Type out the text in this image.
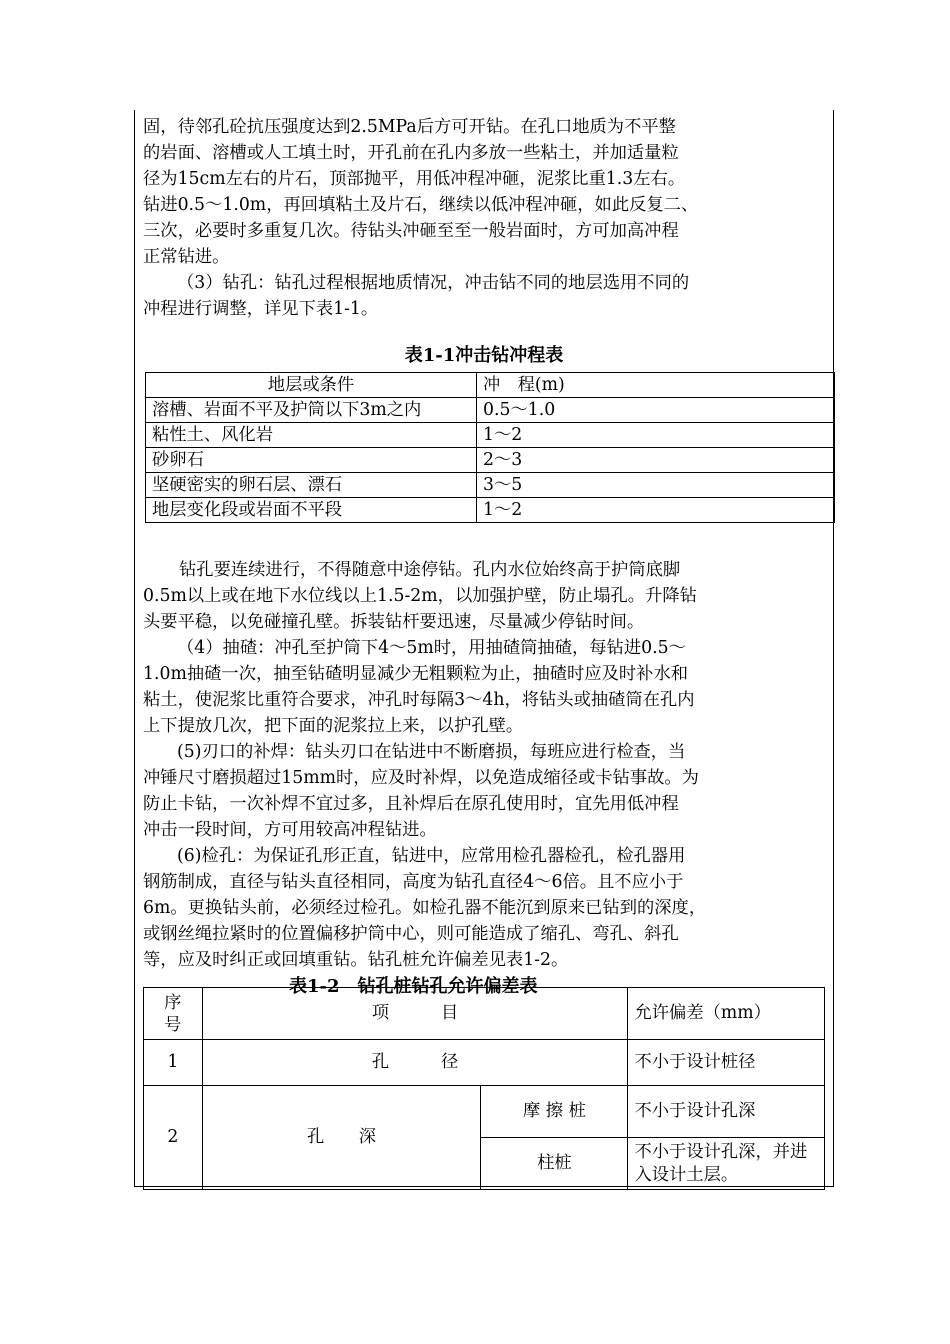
固，待邻孔砼抗压强度达到2.5MPa后方可开钻。在孔口地质为不平整
的岩面、溶槽或人工填土时，开孔前在孔内多放一些粘土，并加适量粒
径为15cm左右的片石，顶部抛平，用低冲程冲砸，泥浆比重1.3左右。
钻进0.5～1.0m，再回填粘土及片石，继续以低冲程冲砸，如此反复二、
三次，必要时多重复几次。待钻头冲砸至至一般岩面时，方可加高冲程
正常钻进。
（3）钻孔：钻孔过程根据地质情况，冲击钻不同的地层选用不同的
冲程进行调整，详见下表1-1。

表1-1冲击钻冲程表

地层或条件	冲　程(m)
溶槽、岩面不平及护筒以下3m之内	0.5～1.0
粘性土、风化岩	1～2
砂卵石	2～3
坚硬密实的卵石层、漂石	3～5
地层变化段或岩面不平段	1～2
钻孔要连续进行，不得随意中途停钻。孔内水位始终高于护筒底脚
0.5m以上或在地下水位线以上1.5-2m，以加强护壁，防止塌孔。升降钻
头要平稳，以免碰撞孔壁。拆装钻杆要迅速，尽量减少停钻时间。
（4）抽碴：冲孔至护筒下4～5m时，用抽碴筒抽碴，每钻进0.5～
1.0m抽碴一次，抽至钻碴明显减少无粗颗粒为止，抽碴时应及时补水和
粘土，使泥浆比重符合要求，冲孔时每隔3～4h，将钻头或抽碴筒在孔内
上下提放几次，把下面的泥浆拉上来，以护孔壁。
(5)刃口的补焊：钻头刃口在钻进中不断磨损，每班应进行检查，当
冲锤尺寸磨损超过15mm时，应及时补焊，以免造成缩径或卡钻事故。为
防止卡钻，一次补焊不宜过多，且补焊后在原孔使用时，宜先用低冲程
冲击一段时间，方可用较高冲程钻进。
(6)检孔：为保证孔形正直，钻进中，应常用检孔器检孔，检孔器用
钢筋制成，直径与钻头直径相同，高度为钻孔直径4～6倍。且不应小于
6m。更换钻头前，必须经过检孔。如检孔器不能沉到原来已钻到的深度，
或钢丝绳拉紧时的位置偏移护筒中心，则可能造成了缩孔、弯孔、斜孔
等，应及时纠正或回填重钻。钻孔桩允许偏差见表1-2。

表1-2　钻孔桩钻孔允许偏差表

序号	项　　　目		允许偏差（mm）
1	孔　　　径		不小于设计桩径
2	孔　　深	摩 擦 桩	不小于设计孔深
		柱桩	不小于设计孔深，并进入设计土层。
